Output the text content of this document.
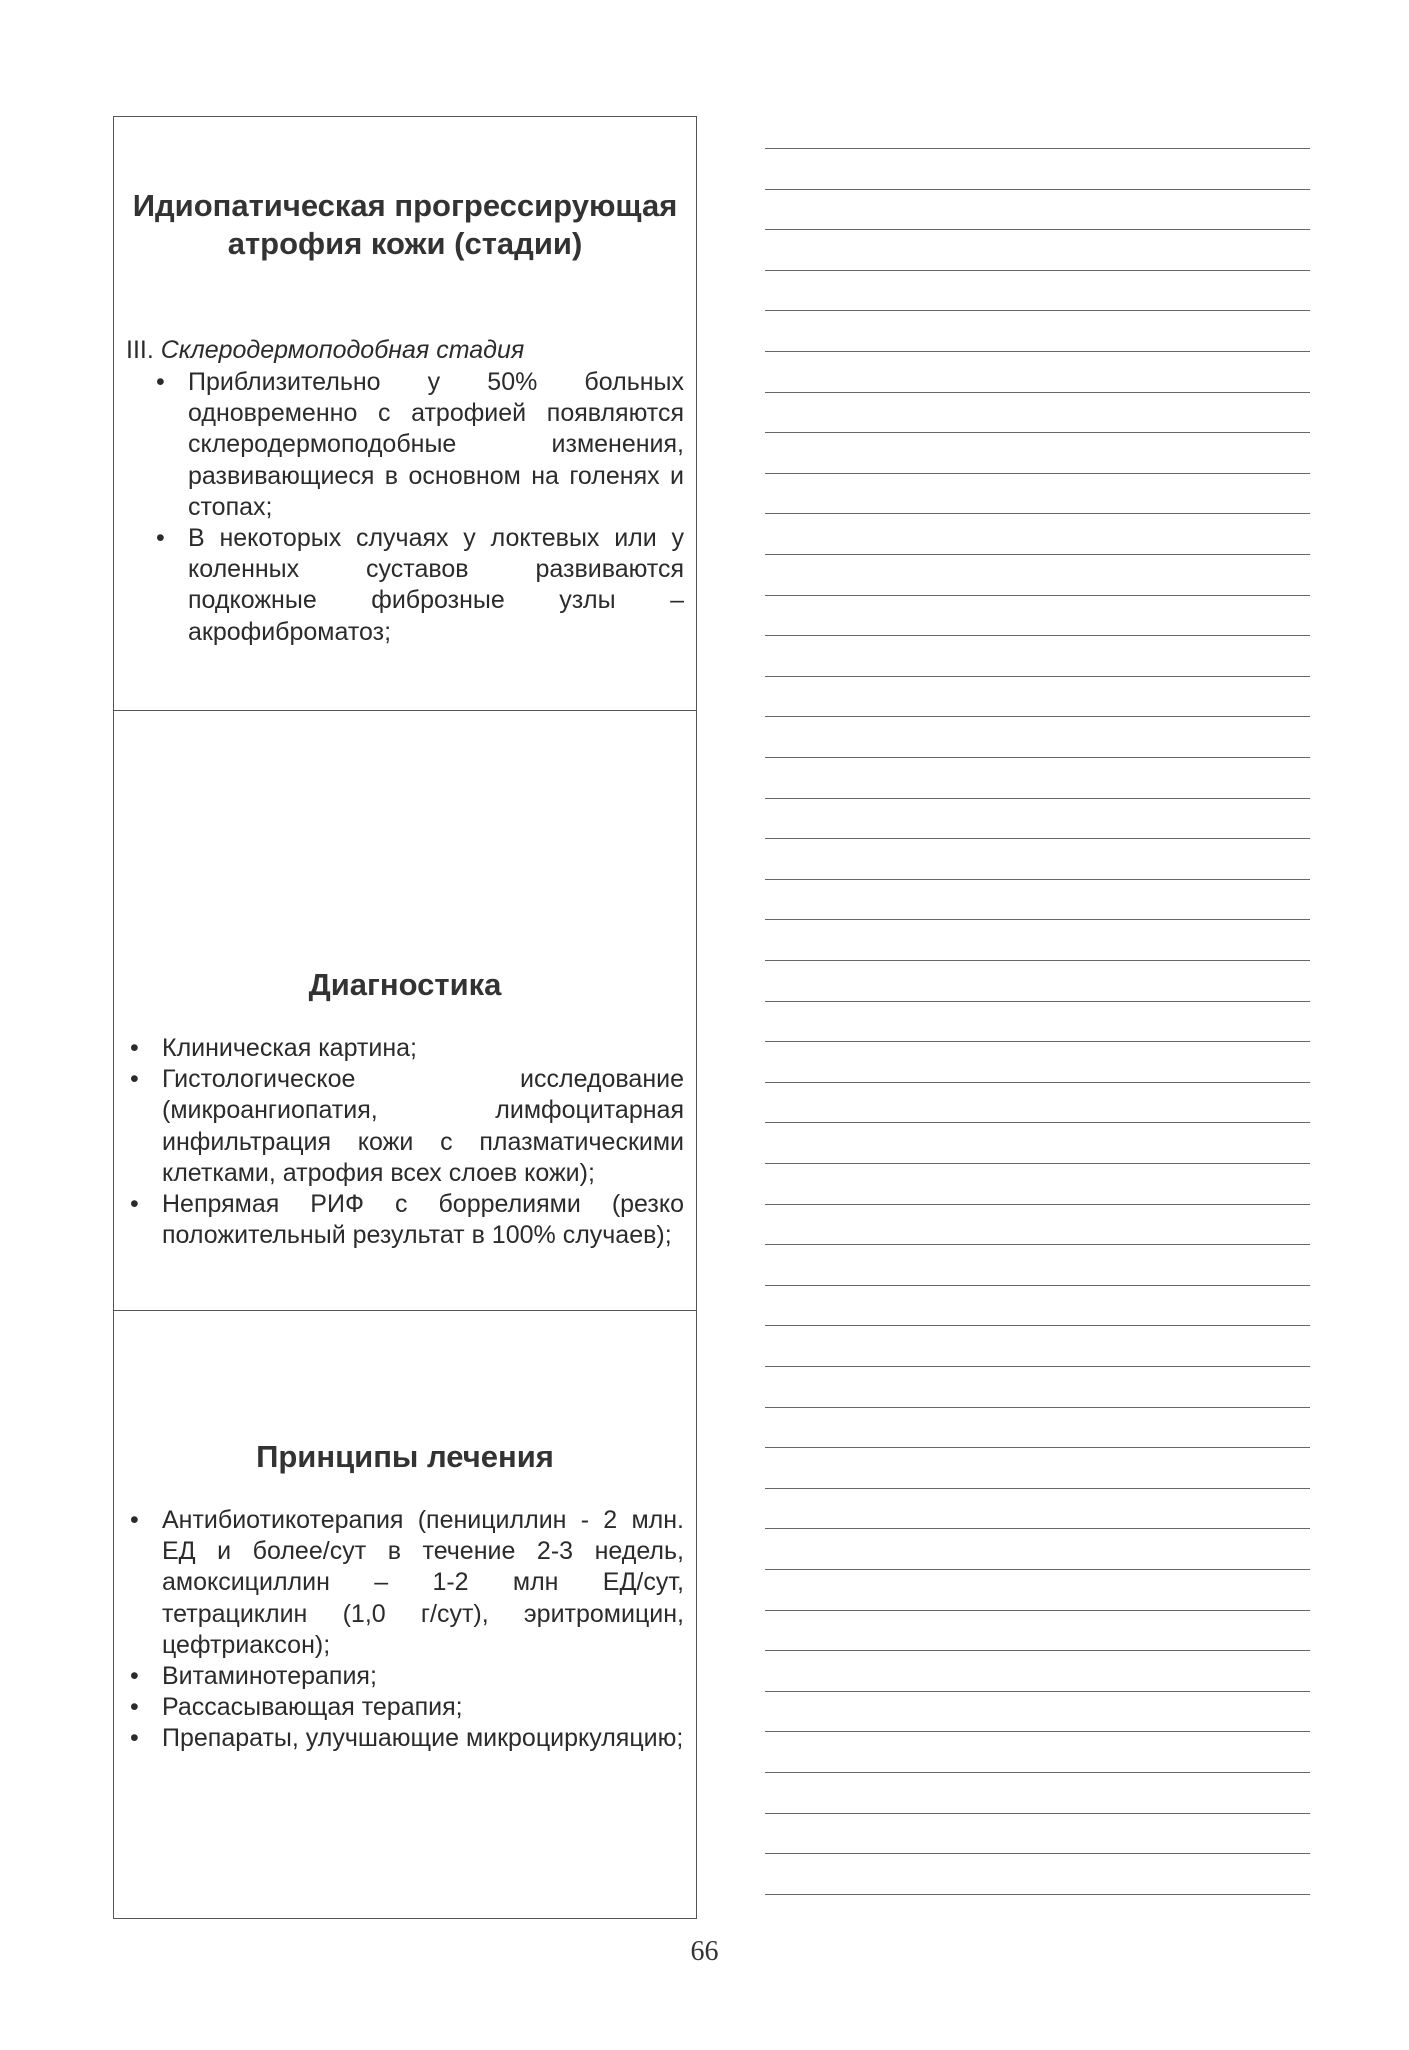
Идиопатическая прогрессирующая атрофия кожи (стадии)
III. Склеродермоподобная стадия
• Приблизительно у 50% больных одновременно с атрофией появляются склеродермоподобные изменения, развивающиеся в основном на голенях и стопах;
• В некоторых случаях у локтевых или у коленных суставов развиваются подкожные фиброзные узлы – акрофиброматоз;
Диагностика
• Клиническая картина;
• Гистологическое исследование (микроангиопатия, лимфоцитарная инфильтрация кожи с плазматическими клетками, атрофия всех слоев кожи);
• Непрямая РИФ с боррелиями (резко положительный результат в 100% случаев);
Принципы лечения
• Антибиотикотерапия (пенициллин - 2 млн. ЕД и более/сут в течение 2-3 недель, амоксициллин – 1-2 млн ЕД/сут, тетрациклин (1,0 г/сут), эритромицин, цефтриаксон);
• Витаминотерапия;
• Рассасывающая терапия;
• Препараты, улучшающие микроциркуляцию;
66
